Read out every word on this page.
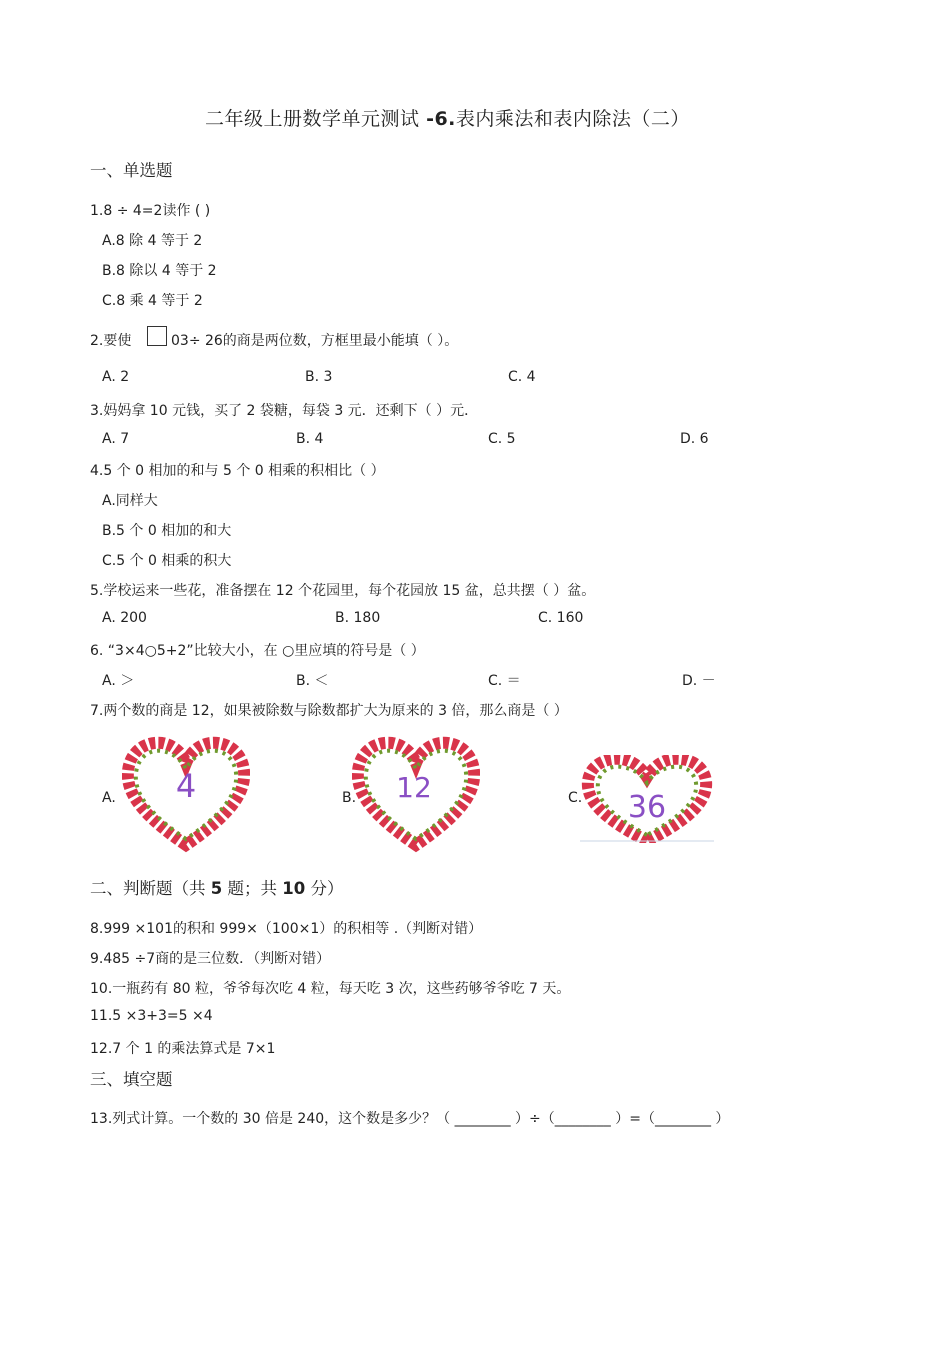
二年级上册数学单元测试 -6.表内乘法和表内除法（二）
一、单选题
1.8 ÷ 4=2读作 ( )
A.8 除 4 等于 2
B.8 除以 4 等于 2
C.8 乘 4 等于 2
2.要使	03÷ 26的商是两位数，方框里最小能填（ ）。
A. 2	B. 3	C. 4
3.妈妈拿 10 元钱，买了 2 袋糖，每袋 3 元．还剩下（ ）元．
A. 7	B. 4	C. 5	D. 6
4.5 个 0 相加的和与 5 个 0 相乘的积相比（ ）
A.同样大
B.5 个 0 相加的和大
C.5 个 0 相乘的积大
5.学校运来一些花，准备摆在 12 个花园里，每个花园放 15 盆，总共摆（ ）盆。
A. 200	B. 180	C. 160
6. “3×4○5+2”比较大小，在 ○里应填的符号是（ ）
A. ＞	B. ＜	C. ＝	D. －
7.两个数的商是 12，如果被除数与除数都扩大为原来的 3 倍，那么商是（ ）
A. 4	B. 12	C. 36
二、判断题（共 5 题；共 10 分）
8.999 ×101的积和 999×（100×1）的积相等 .（判断对错）
9.485 ÷7商的是三位数．（判断对错）
10.一瓶药有 80 粒，爷爷每次吃 4 粒，每天吃 3 次，这些药够爷爷吃 7 天。
11.5 ×3+3=5 ×4
12.7 个 1 的乘法算式是 7×1
三、填空题
13.列式计算。一个数的 30 倍是 240，这个数是多少？（ ________ ）÷（________ ）=（________ ）
